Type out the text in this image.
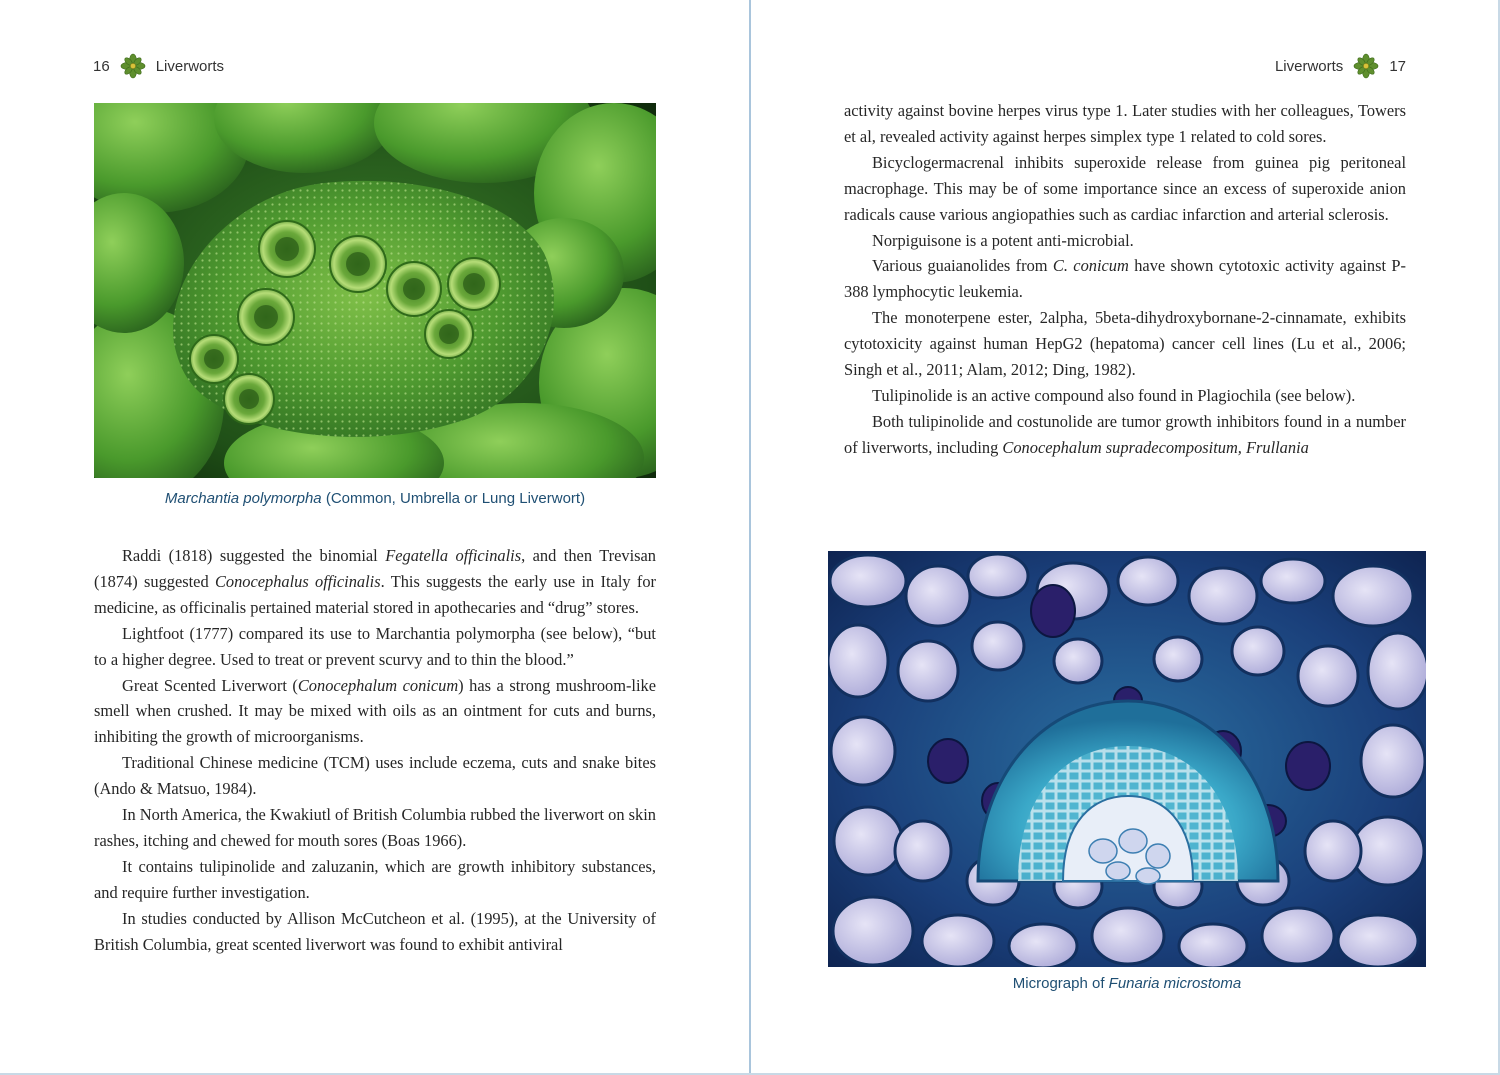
16	Liverworts
Marchantia polymorpha (Common, Umbrella or Lung Liverwort)

Raddi (1818) suggested the binomial Fegatella officinalis, and then Trevisan (1874) suggested Conocephalus officinalis. This suggests the early use in Italy for medicine, as officinalis pertained material stored in apothecaries and “drug” stores.

Lightfoot (1777) compared its use to Marchantia polymorpha (see below), “but to a higher degree. Used to treat or prevent scurvy and to thin the blood.”

Great Scented Liverwort (Conocephalum conicum) has a strong mushroom-like smell when crushed. It may be mixed with oils as an ointment for cuts and burns, inhibiting the growth of microorganisms.

Traditional Chinese medicine (TCM) uses include eczema, cuts and snake bites (Ando & Matsuo, 1984).

In North America, the Kwakiutl of British Columbia rubbed the liverwort on skin rashes, itching and chewed for mouth sores (Boas 1966).

It contains tulipinolide and zaluzanin, which are growth inhibitory substances, and require further investigation.

In studies conducted by Allison McCutcheon et al. (1995), at the University of British Columbia, great scented liverwort was found to exhibit antiviral

Liverworts	17

activity against bovine herpes virus type 1. Later studies with her colleagues, Towers et al, revealed activity against herpes simplex type 1 related to cold sores.

Bicyclogermacrenal inhibits superoxide release from guinea pig peritoneal macrophage. This may be of some importance since an excess of superoxide anion radicals cause various angiopathies such as cardiac infarction and arterial sclerosis.

Norpiguisone is a potent anti-microbial.

Various guaianolides from C. conicum have shown cytotoxic activity against P-388 lymphocytic leukemia.

The monoterpene ester, 2alpha, 5beta-dihydroxybornane-2-cinnamate, exhibits cytotoxicity against human HepG2 (hepatoma) cancer cell lines (Lu et al., 2006; Singh et al., 2011; Alam, 2012; Ding, 1982).

Tulipinolide is an active compound also found in Plagiochila (see below).

Both tulipinolide and costunolide are tumor growth inhibitors found in a number of liverworts, including Conocephalum supradecompositum, Frullania

Micrograph of Funaria microstoma
